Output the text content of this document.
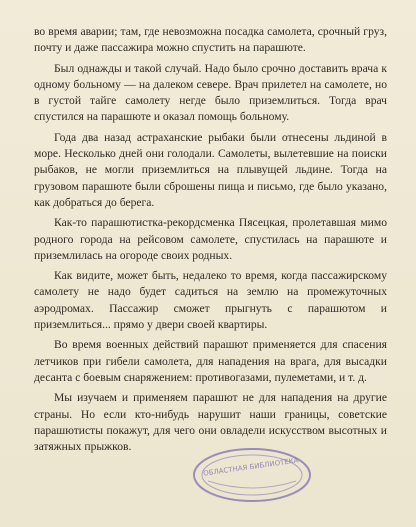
во время аварии; там, где невозможна посадка самолета, срочный груз, почту и даже пассажира можно спустить на парашюте.

Был однажды и такой случай. Надо было срочно доставить врача к одному больному — на далеком севере. Врач прилетел на самолете, но в густой тайге самолету негде было приземлиться. Тогда врач спустился на парашюте и оказал помощь больному.

Года два назад астраханские рыбаки были отнесены льдиной в море. Несколько дней они голодали. Самолеты, вылетевшие на поиски рыбаков, не могли приземлиться на плывущей льдине. Тогда на грузовом парашюте были сброшены пища и письмо, где было указано, как добраться до берега.

Как-то парашютистка-рекордсменка Пясецкая, пролетавшая мимо родного города на рейсовом самолете, спустилась на парашюте и приземлилась на огороде своих родных.

Как видите, может быть, недалеко то время, когда пассажирскому самолету не надо будет садиться на землю на промежуточных аэродромах. Пассажир сможет прыгнуть с парашютом и приземлиться... прямо у двери своей квартиры.

Во время военных действий парашют применяется для спасения летчиков при гибели самолета, для нападения на врага, для высадки десанта с боевым снаряжением: противогазами, пулеметами, и т. д.

Мы изучаем и применяем парашют не для нападения на другие страны. Но если кто-нибудь нарушит наши границы, советские парашютисты покажут, для чего они овладели искусством высотных и затяжных прыжков.

ОБЛАСТНАЯ БИБЛИОТЕКА
